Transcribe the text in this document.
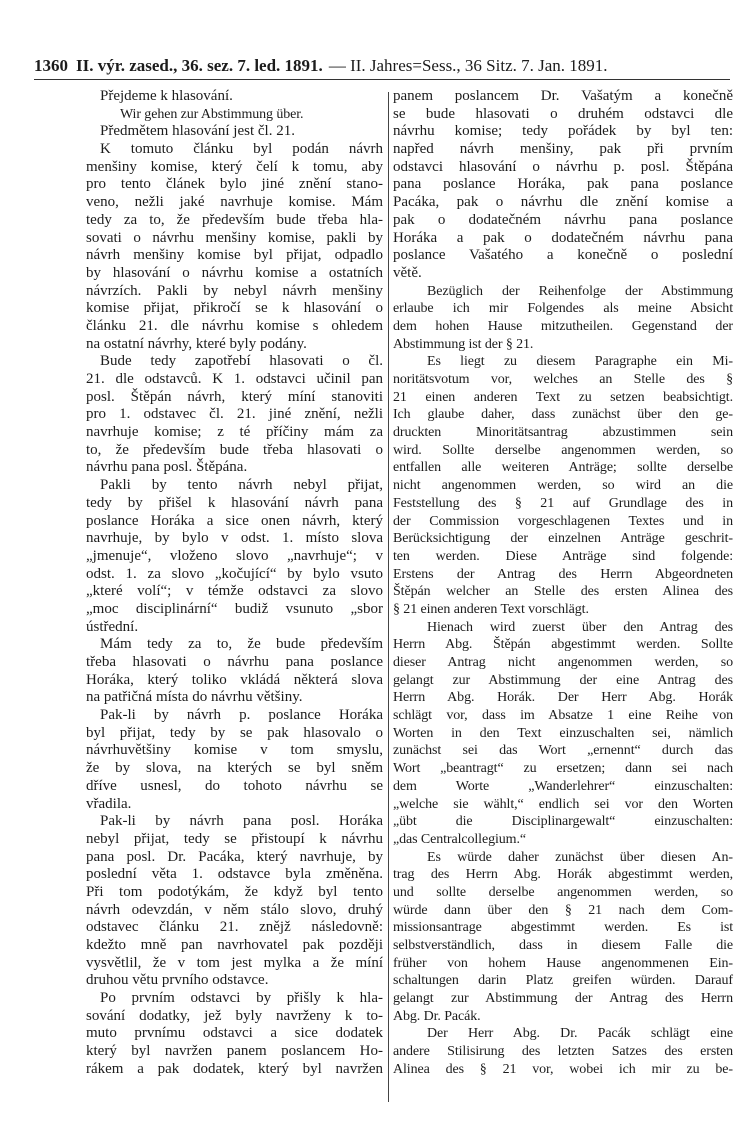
1360 II. výr. zased., 36. sez. 7. led. 1891. — II. Jahres=Sess., 36 Sitz. 7. Jan. 1891.
Přejdeme k hlasování.
Wir gehen zur Abstimmung über.
Předmětem hlasování jest čl. 21.
K tomuto článku byl podán návrh
menšiny komise, který čelí k tomu, aby
pro tento článek bylo jiné znění stano-
veno, nežli jaké navrhuje komise. Mám
tedy za to, že především bude třeba hla-
sovati o návrhu menšiny komise, pakli by
návrh menšiny komise byl přijat, odpadlo
by hlasování o návrhu komise a ostatních
návrzích. Pakli by nebyl návrh menšiny
komise přijat, přikročí se k hlasování o
článku 21. dle návrhu komise s ohledem
na ostatní návrhy, které byly podány.
Bude tedy zapotřebí hlasovati o čl.
21. dle odstavců. K 1. odstavci učinil pan
posl. Štěpán návrh, který míní stanoviti
pro 1. odstavec čl. 21. jiné znění, nežli
navrhuje komise; z té příčiny mám za
to, že především bude třeba hlasovati o
návrhu pana posl. Štěpána.
Pakli by tento návrh nebyl přijat,
tedy by přišel k hlasování návrh pana
poslance Horáka a sice onen návrh, který
navrhuje, by bylo v odst. 1. místo slova
„jmenuje“, vloženo slovo „navrhuje“; v
odst. 1. za slovo „kočující“ by bylo vsuto
„které volí“; v témže odstavci za slovo
„moc disciplinární“ budiž vsunuto „sbor
ústřední.
Mám tedy za to, že bude především
třeba hlasovati o návrhu pana poslance
Horáka, který toliko vkládá některá slova
na patřičná místa do návrhu většiny.
Pak-li by návrh p. poslance Horáka
byl přijat, tedy by se pak hlasovalo o
návrhuvětšiny komise v tom smyslu,
že by slova, na kterých se byl sněm
dříve usnesl, do tohoto návrhu se
vřadila.
Pak-li by návrh pana posl. Horáka
nebyl přijat, tedy se přistoupí k návrhu
pana posl. Dr. Pacáka, který navrhuje, by
poslední věta 1. odstavce byla změněna.
Při tom podotýkám, že když byl tento
návrh odevzdán, v něm stálo slovo, druhý
odstavec článku 21. znějž následovně:
kdežto mně pan navrhovatel pak později
vysvětlil, že v tom jest mylka a že míní
druhou větu prvního odstavce.
Po prvním odstavci by přišly k hla-
sování dodatky, jež byly navrženy k to-
muto prvnímu odstavci a sice dodatek
který byl navržen panem poslancem Ho-
rákem a pak dodatek, který byl navržen
panem poslancem Dr. Vašatým a konečně
se bude hlasovati o druhém odstavci dle
návrhu komise; tedy pořádek by byl ten:
napřed návrh menšiny, pak při prvním
odstavci hlasování o návrhu p. posl. Štěpána
pana poslance Horáka, pak pana poslance
Pacáka, pak o návrhu dle znění komise a
pak o dodatečném návrhu pana poslance
Horáka a pak o dodatečném návrhu pana
poslance Vašatého a konečně o poslední
větě.
Bezüglich der Reihenfolge der Abstimmung
erlaube ich mir Folgendes als meine Absicht
dem hohen Hause mitzutheilen. Gegenstand der
Abstimmung ist der § 21.
Es liegt zu diesem Paragraphe ein Mi-
noritätsvotum vor, welches an Stelle des §
21 einen anderen Text zu setzen beabsichtigt.
Ich glaube daher, dass zunächst über den ge-
druckten Minoritätsantrag abzustimmen sein
wird. Sollte derselbe angenommen werden, so
entfallen alle weiteren Anträge; sollte derselbe
nicht angenommen werden, so wird an die
Feststellung des § 21 auf Grundlage des in
der Commission vorgeschlagenen Textes und in
Berücksichtigung der einzelnen Anträge geschrit-
ten werden. Diese Anträge sind folgende:
Erstens der Antrag des Herrn Abgeordneten
Štěpán welcher an Stelle des ersten Alinea des
§ 21 einen anderen Text vorschlägt.
Hienach wird zuerst über den Antrag des
Herrn Abg. Štěpán abgestimmt werden. Sollte
dieser Antrag nicht angenommen werden, so
gelangt zur Abstimmung der eine Antrag des
Herrn Abg. Horák. Der Herr Abg. Horák
schlägt vor, dass im Absatze 1 eine Reihe von
Worten in den Text einzuschalten sei, nämlich
zunächst sei das Wort „ernennt“ durch das
Wort „beantragt“ zu ersetzen; dann sei nach
dem Worte „Wanderlehrer“ einzuschalten:
„welche sie wählt,“ endlich sei vor den Worten
„übt die Disciplinargewalt“ einzuschalten:
„das Centralcollegium.“
Es würde daher zunächst über diesen An-
trag des Herrn Abg. Horák abgestimmt werden,
und sollte derselbe angenommen werden, so
würde dann über den § 21 nach dem Com-
missionsantrage abgestimmt werden. Es ist
selbstverständlich, dass in diesem Falle die
früher von hohem Hause angenommenen Ein-
schaltungen darin Platz greifen würden. Darauf
gelangt zur Abstimmung der Antrag des Herrn
Abg. Dr. Pacák.
Der Herr Abg. Dr. Pacák schlägt eine
andere Stilisirung des letzten Satzes des ersten
Alinea des § 21 vor, wobei ich mir zu be-
